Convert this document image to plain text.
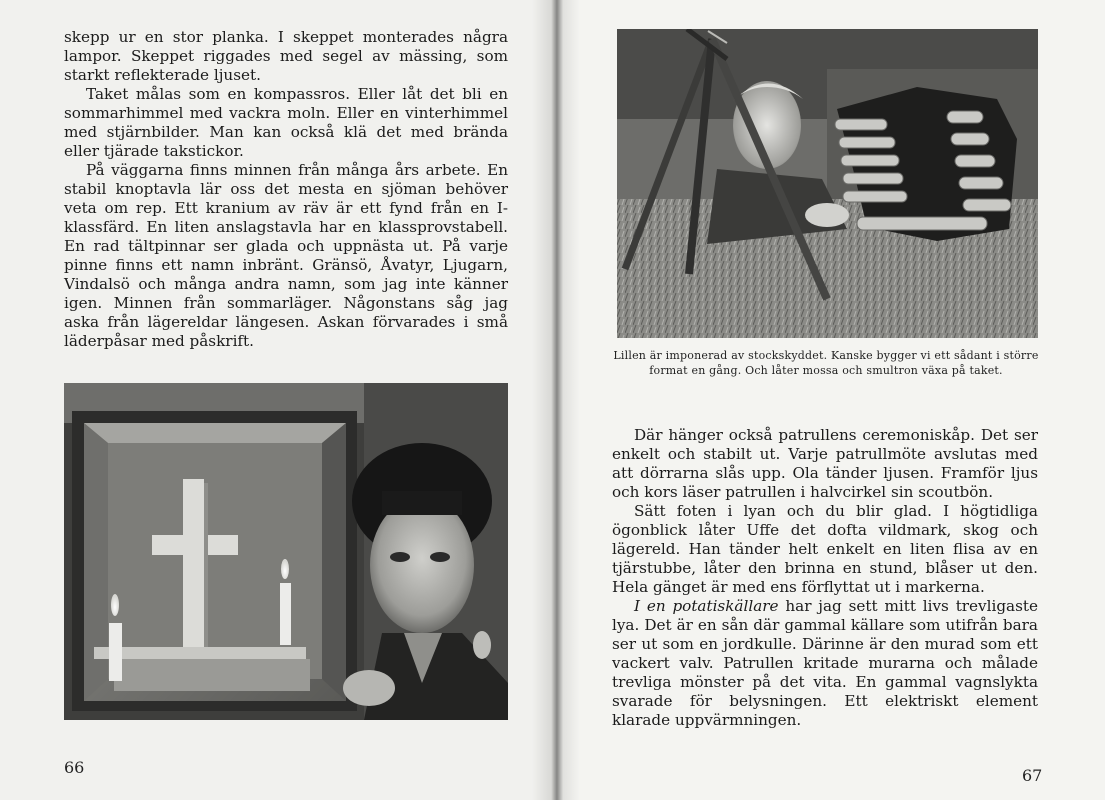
skepp ur en stor planka. I skeppet monterades några lampor. Skeppet riggades med segel av mässing, som starkt reflekterade ljuset.

Taket målas som en kompassros. Eller låt det bli en sommarhimmel med vackra moln. Eller en vinterhimmel med stjärnbilder. Man kan också klä det med brända eller tjärade takstickor.

På väggarna finns minnen från många års arbete. En stabil knoptavla lär oss det mesta en sjöman behöver veta om rep. Ett kranium av räv är ett fynd från en I-klassfärd. En liten anslagstavla har en klassprovstabell. En rad tältpinnar ser glada och uppnästa ut. På varje pinne finns ett namn inbränt. Gränsö, Åvatyr, Ljugarn, Vindalsö och många andra namn, som jag inte känner igen. Minnen från sommarläger. Någonstans såg jag aska från lägereldar längesen. Askan förvarades i små läderpåsar med påskrift.

66
Lillen är imponerad av stockskyddet. Kanske bygger vi ett sådant i större format en gång. Och låter mossa och smultron växa på taket.

Där hänger också patrullens ceremoniskåp. Det ser enkelt och stabilt ut. Varje patrullmöte avslutas med att dörrarna slås upp. Ola tänder ljusen. Framför ljus och kors läser patrullen i halvcirkel sin scoutbön.

Sätt foten i lyan och du blir glad. I högtidliga ögonblick låter Uffe det dofta vildmark, skog och lägereld. Han tänder helt enkelt en liten flisa av en tjärstubbe, låter den brinna en stund, blåser ut den. Hela gänget är med ens förflyttat ut i markerna.

I en potatiskällare har jag sett mitt livs trevligaste lya. Det är en sån där gammal källare som utifrån bara ser ut som en jordkulle. Därinne är den murad som ett vackert valv. Patrullen kritade murarna och målade trevliga mönster på det vita. En gammal vagnslykta svarade för belysningen. Ett elektriskt element klarade uppvärmningen.

67
